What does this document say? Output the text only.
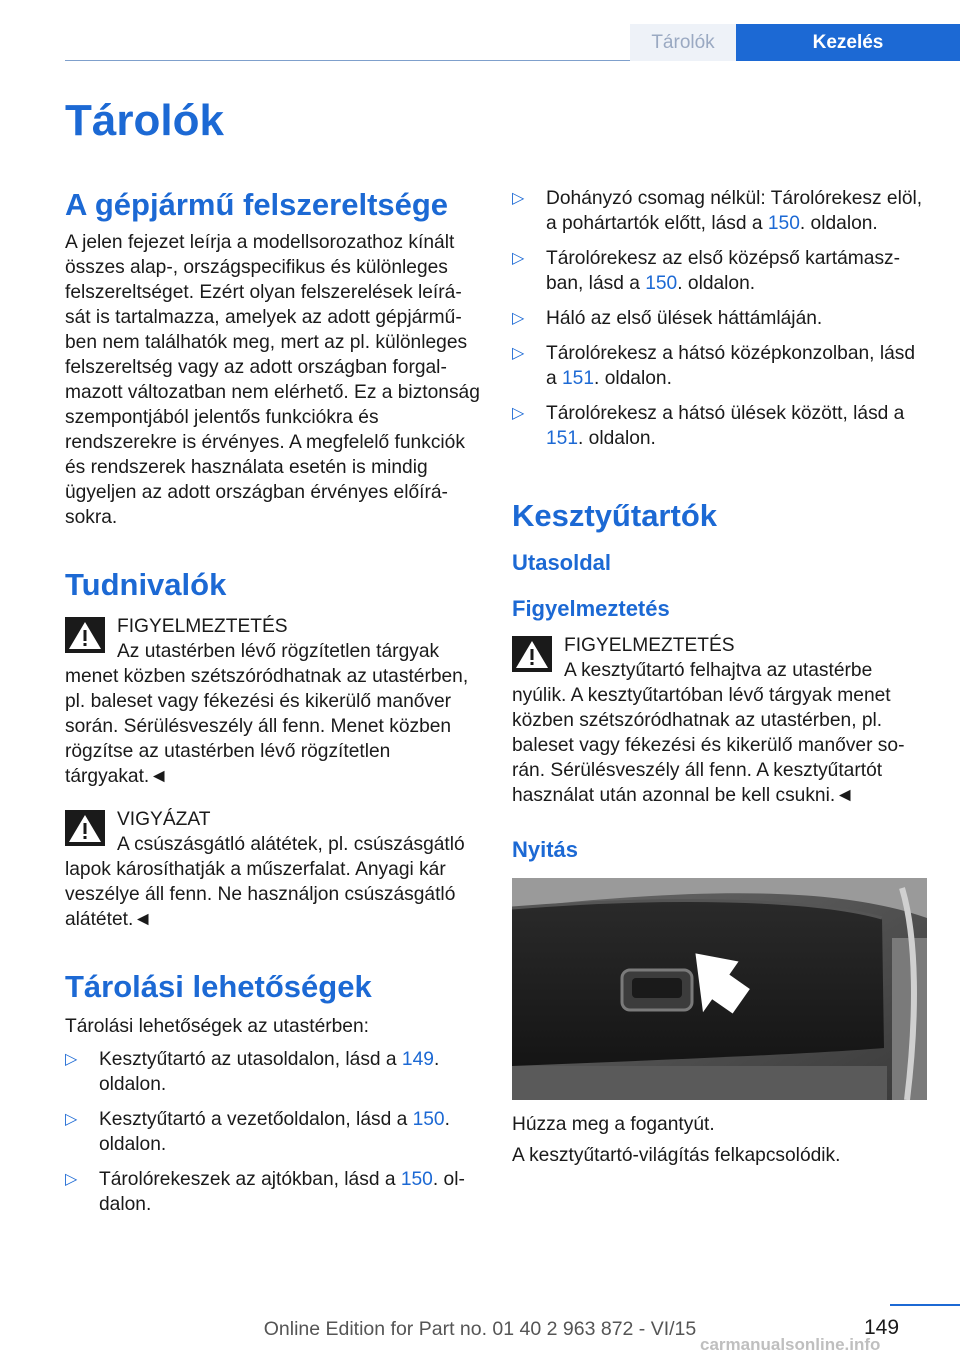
Tárolók	Kezelés
Tárolók
A gépjármű felszereltsége

A jelen fejezet leírja a modellsorozathoz kínált összes alap-, országspecifikus és különleges felszereltséget. Ezért olyan felszerelések leírását is tartalmazza, amelyek az adott gépjárműben nem találhatók meg, mert az pl. különleges felszereltség vagy az adott országban forgalmazott változatban nem elérhető. Ez a biztonság szempontjából jelentős funkciókra és rendszerekre is érvényes. A megfelelő funkciók és rendszerek használata esetén is mindig ügyeljen az adott országban érvényes előírásokra.

Tudnivalók
FIGYELMEZTETÉS
Az utastérben lévő rögzítetlen tárgyak

menet közben szétszóródhatnak az utastérben, pl. baleset vagy fékezési és kikerülő manőver során. Sérülésveszély áll fenn. Menet közben rögzítse az utastérben lévő rögzítetlen tárgyakat.◄

VIGYÁZAT
A csúszásgátló alátétek, pl. csúszásgátló

lapok károsíthatják a műszerfalat. Anyagi kár veszélye áll fenn. Ne használjon csúszásgátló alátétet.◄

Tárolási lehetőségek

Tárolási lehetőségek az utastérben:

▷ Kesztyűtartó az utasoldalon, lásd a 149. oldalon.
▷ Kesztyűtartó a vezetőoldalon, lásd a 150. oldalon.
▷ Tárolórekeszek az ajtókban, lásd a 150. oldalon.
▷ Dohányzó csomag nélkül: Tárolórekesz elöl, a pohártartók előtt, lásd a 150. oldalon.
▷ Tárolórekesz az első középső kartámaszban, lásd a 150. oldalon.
▷ Háló az első ülések háttámláján.
▷ Tárolórekesz a hátsó középkonzolban, lásd a 151. oldalon.
▷ Tárolórekesz a hátsó ülések között, lásd a 151. oldalon.
Kesztyűtartók
Utasoldal
Figyelmeztetés
FIGYELMEZTETÉS
A kesztyűtartó felhajtva az utastérbe

nyúlik. A kesztyűtartóban lévő tárgyak menet közben szétszóródhatnak az utastérben, pl. baleset vagy fékezési és kikerülő manőver során. Sérülésveszély áll fenn. A kesztyűtartót használat után azonnal be kell csukni.◄

Nyitás

Húzza meg a fogantyút.

A kesztyűtartó-világítás felkapcsolódik.

149
Online Edition for Part no. 01 40 2 963 872 - VI/15
carmanualsonline.info
